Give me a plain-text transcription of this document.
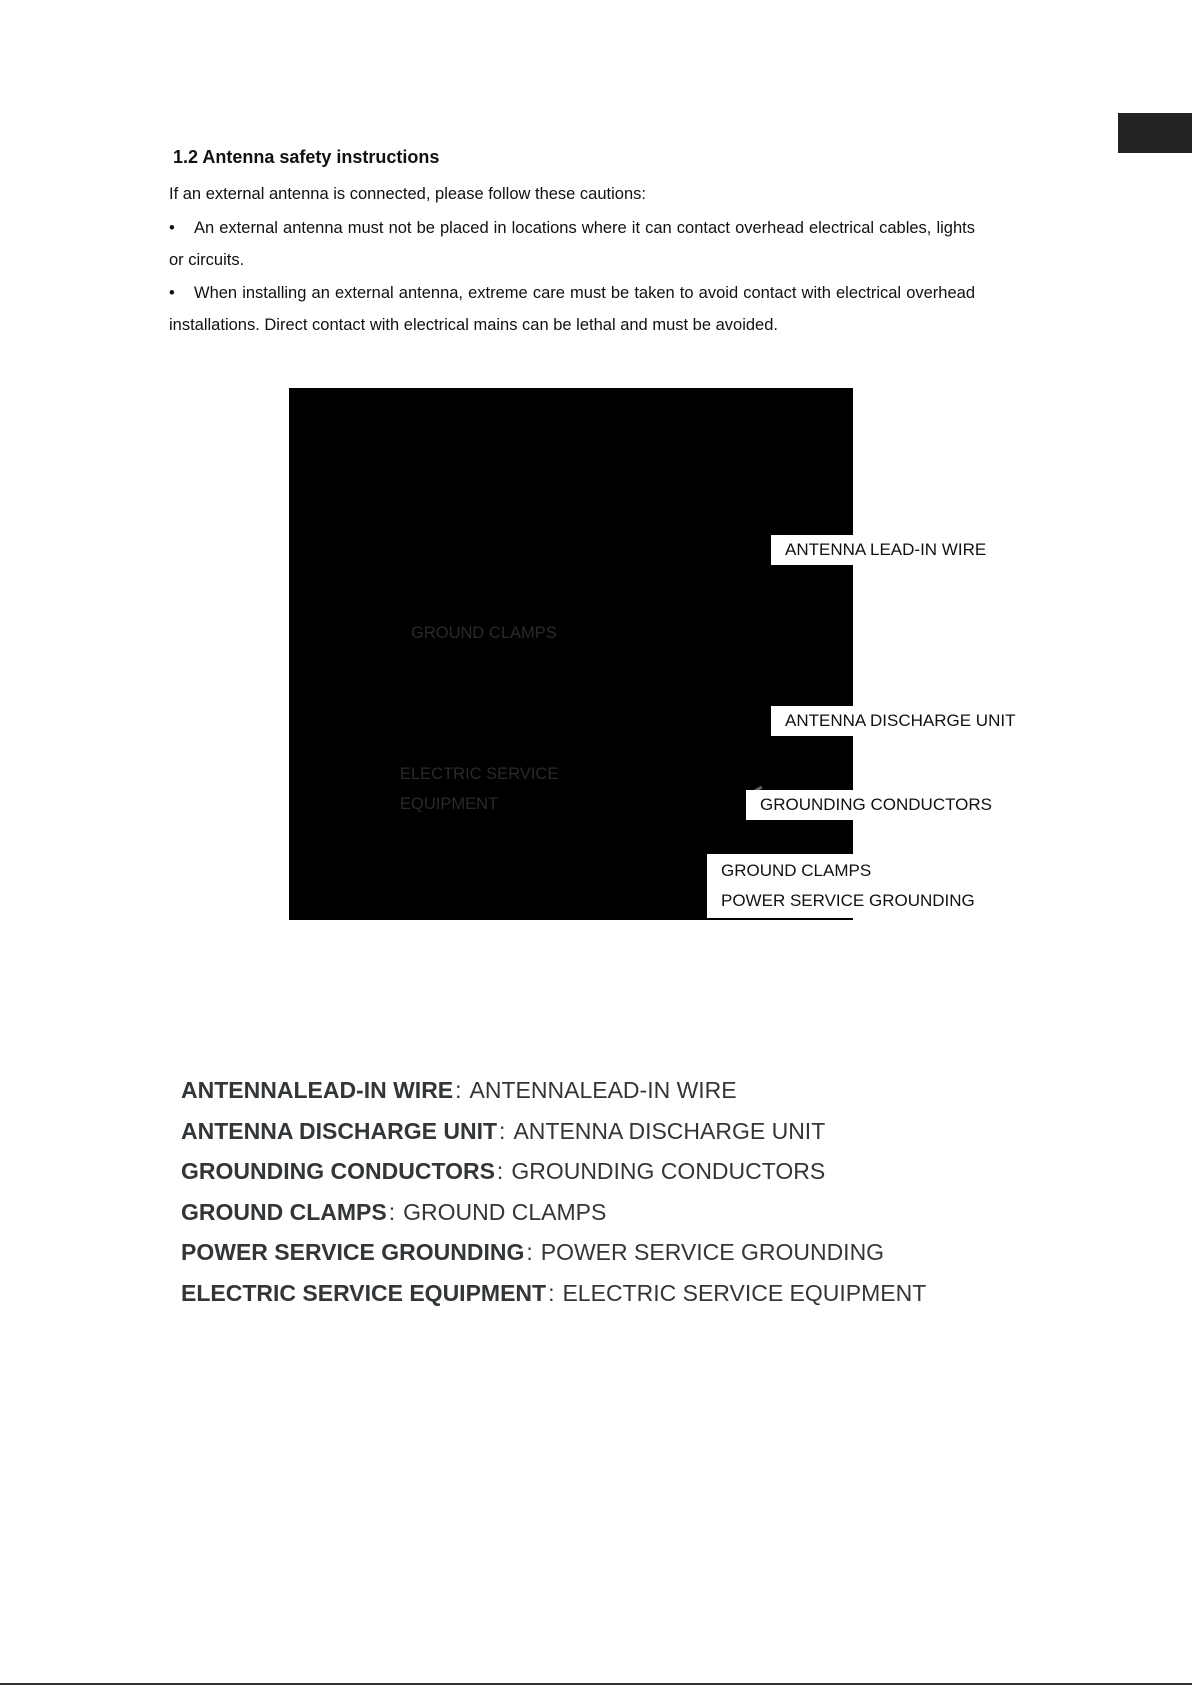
1.2 Antenna safety instructions

If an external antenna is connected, please follow these cautions:

• An external antenna must not be placed in locations where it can contact overhead electrical cables, lights or circuits.

• When installing an external antenna, extreme care must be taken to avoid contact with electrical overhead installations. Direct contact with electrical mains can be lethal and must be avoided.

GROUND CLAMPS
ELECTRIC SERVICE
EQUIPMENT
ANTENNA LEAD-IN WIRE
ANTENNA DISCHARGE UNIT
GROUNDING CONDUCTORS
GROUND CLAMPS
POWER SERVICE GROUNDING
ANTENNALEAD-IN WIRE: ANTENNALEAD-IN WIRE
ANTENNA DISCHARGE UNIT: ANTENNA DISCHARGE UNIT
GROUNDING CONDUCTORS: GROUNDING CONDUCTORS
GROUND CLAMPS: GROUND CLAMPS
POWER SERVICE GROUNDING: POWER SERVICE GROUNDING
ELECTRIC SERVICE EQUIPMENT: ELECTRIC SERVICE EQUIPMENT
